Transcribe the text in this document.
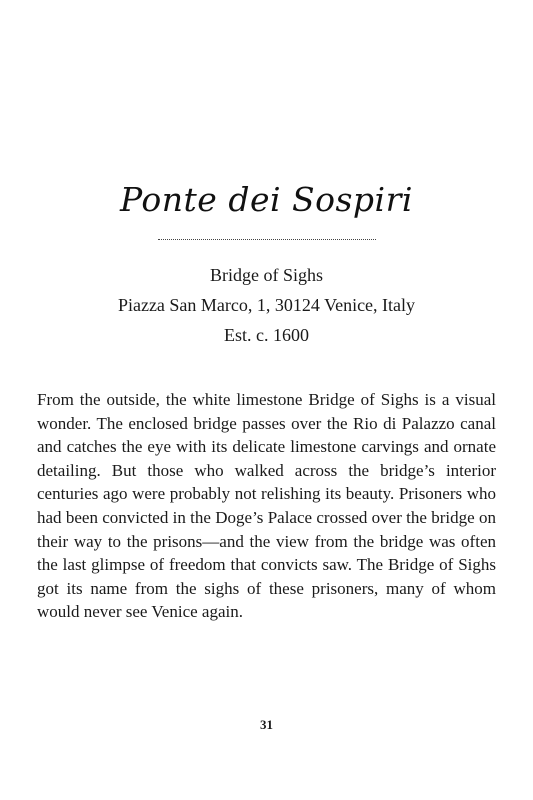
Ponte dei Sospiri
Bridge of Sighs
Piazza San Marco, 1, 30124 Venice, Italy
Est. c. 1600

From the outside, the white limestone Bridge of Sighs is a visual wonder. The enclosed bridge passes over the Rio di Palazzo canal and catches the eye with its delicate limestone carvings and ornate detailing. But those who walked across the bridge’s interior centuries ago were probably not relishing its beauty. Prisoners who had been convicted in the Doge’s Palace crossed over the bridge on their way to the prisons—and the view from the bridge was often the last glimpse of freedom that convicts saw. The Bridge of Sighs got its name from the sighs of these prisoners, many of whom would never see Venice again.

31
